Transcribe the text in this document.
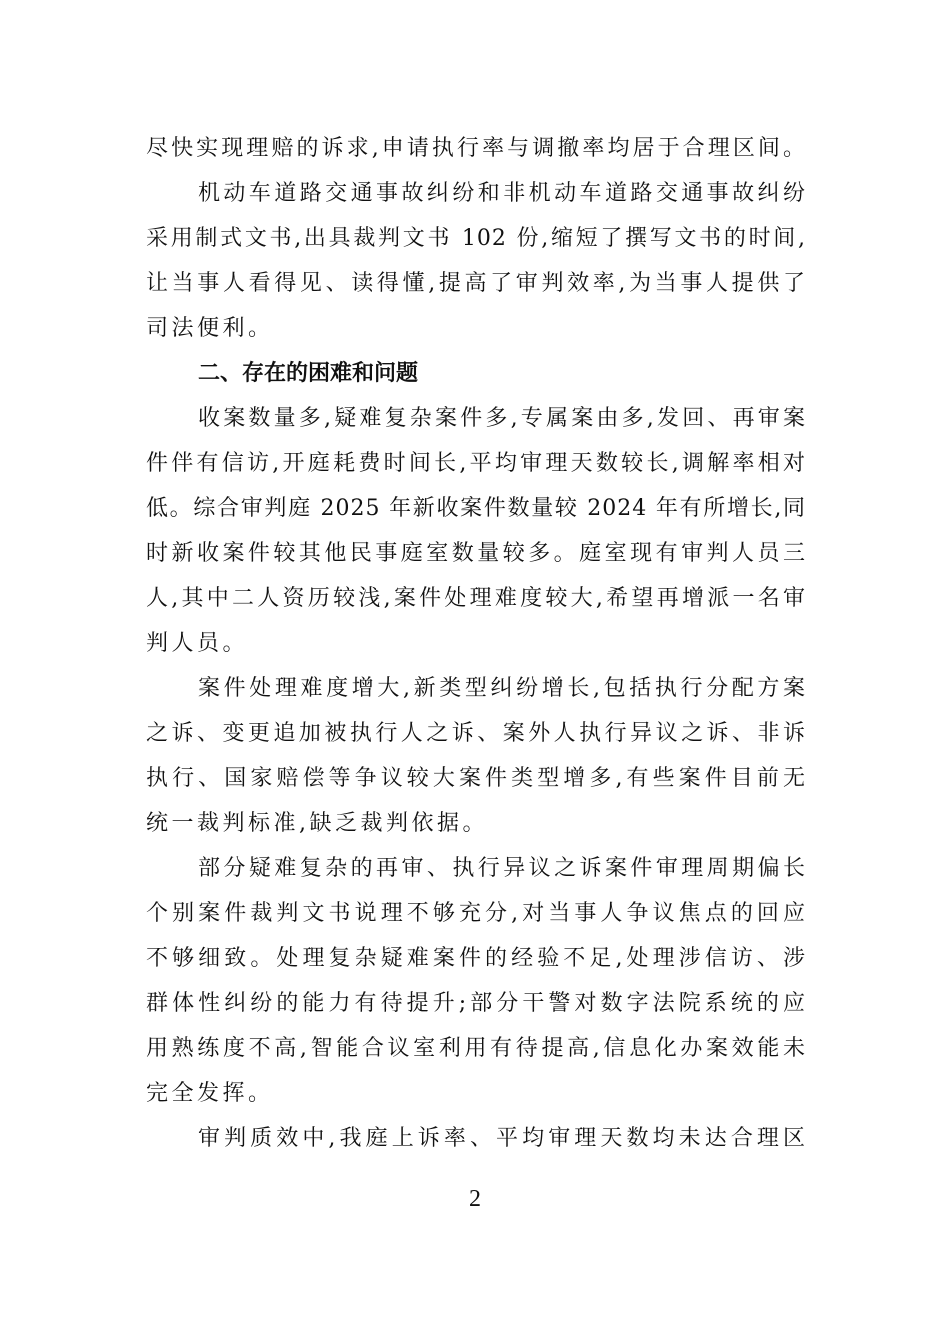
尽快实现理赔的诉求,申请执行率与调撤率均居于合理区间。
机动车道路交通事故纠纷和非机动车道路交通事故纠纷
采用制式文书,出具裁判文书 102 份,缩短了撰写文书的时间,
让当事人看得见、读得懂,提高了审判效率,为当事人提供了
司法便利。
二、存在的困难和问题
收案数量多,疑难复杂案件多,专属案由多,发回、再审案
件伴有信访,开庭耗费时间长,平均审理天数较长,调解率相对
低。综合审判庭 2025 年新收案件数量较 2024 年有所增长,同
时新收案件较其他民事庭室数量较多。庭室现有审判人员三
人,其中二人资历较浅,案件处理难度较大,希望再增派一名审
判人员。
案件处理难度增大,新类型纠纷增长,包括执行分配方案
之诉、变更追加被执行人之诉、案外人执行异议之诉、非诉
执行、国家赔偿等争议较大案件类型增多,有些案件目前无
统一裁判标准,缺乏裁判依据。
部分疑难复杂的再审、执行异议之诉案件审理周期偏长
个别案件裁判文书说理不够充分,对当事人争议焦点的回应
不够细致。处理复杂疑难案件的经验不足,处理涉信访、涉
群体性纠纷的能力有待提升;部分干警对数字法院系统的应
用熟练度不高,智能合议室利用有待提高,信息化办案效能未
完全发挥。
审判质效中,我庭上诉率、平均审理天数均未达合理区
2
